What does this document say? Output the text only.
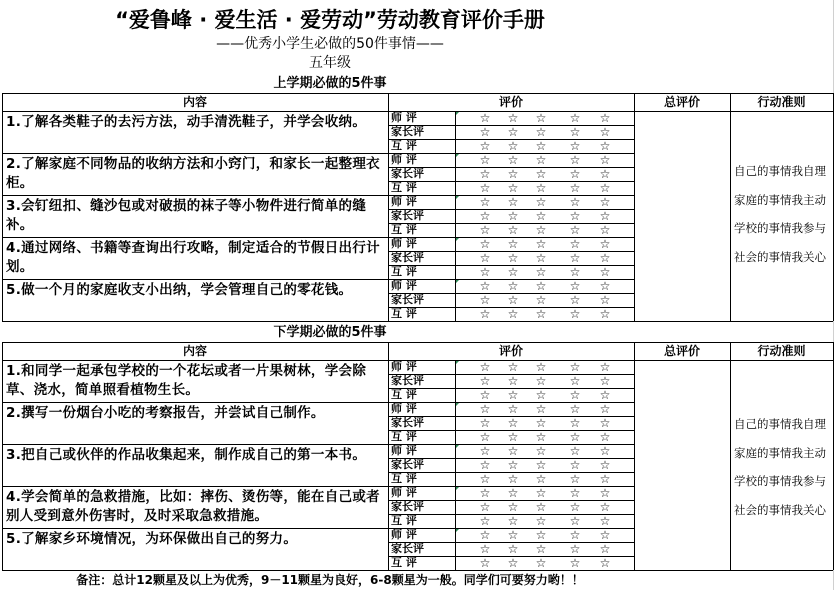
“爱鲁峰 · 爱生活 · 爱劳动”劳动教育评价手册
——优秀小学生必做的50件事情——
五年级
上学期必做的5件事
内容	评价	总评价	行动准则
1.了解各类鞋子的去污方法，动手清洗鞋子，并学会收纳。	师 评	☆ ☆ ☆ ☆ ☆
家长评	☆ ☆ ☆ ☆ ☆
互 评	☆ ☆ ☆ ☆ ☆
2.了解家庭不同物品的收纳方法和小窍门，和家长一起整理衣柜。
师 评	☆ ☆ ☆ ☆ ☆
家长评	☆ ☆ ☆ ☆ ☆
互 评	☆ ☆ ☆ ☆ ☆
3.会钉纽扣、缝沙包或对破损的袜子等小物件进行简单的缝补。
师 评	☆ ☆ ☆ ☆ ☆
家长评	☆ ☆ ☆ ☆ ☆
互 评	☆ ☆ ☆ ☆ ☆
4.通过网络、书籍等查询出行攻略，制定适合的节假日出行计划。
师 评	☆ ☆ ☆ ☆ ☆
家长评	☆ ☆ ☆ ☆ ☆
互 评	☆ ☆ ☆ ☆ ☆
5.做一个月的家庭收支小出纳，学会管理自己的零花钱。	师 评	☆ ☆ ☆ ☆ ☆
家长评	☆ ☆ ☆ ☆ ☆
互 评	☆ ☆ ☆ ☆ ☆
自己的事情我自理
家庭的事情我主动
学校的事情我参与
社会的事情我关心
下学期必做的5件事
内容	评价	总评价	行动准则
1.和同学一起承包学校的一个花坛或者一片果树林，学会除草、浇水，简单照看植物生长。
师 评	☆ ☆ ☆ ☆ ☆
家长评	☆ ☆ ☆ ☆ ☆
互 评	☆ ☆ ☆ ☆ ☆
2.撰写一份烟台小吃的考察报告，并尝试自己制作。	师 评	☆ ☆ ☆ ☆ ☆
家长评	☆ ☆ ☆ ☆ ☆
互 评	☆ ☆ ☆ ☆ ☆
3.把自己或伙伴的作品收集起来，制作成自己的第一本书。	师 评	☆ ☆ ☆ ☆ ☆
家长评	☆ ☆ ☆ ☆ ☆
互 评	☆ ☆ ☆ ☆ ☆
4.学会简单的急救措施，比如：摔伤、烫伤等，能在自己或者别人受到意外伤害时，及时采取急救措施。
师 评	☆ ☆ ☆ ☆ ☆
家长评	☆ ☆ ☆ ☆ ☆
互 评	☆ ☆ ☆ ☆ ☆
5.了解家乡环境情况，为环保做出自己的努力。	师 评	☆ ☆ ☆ ☆ ☆
家长评	☆ ☆ ☆ ☆ ☆
互 评	☆ ☆ ☆ ☆ ☆
自己的事情我自理
家庭的事情我主动
学校的事情我参与
社会的事情我关心
备注：总计12颗星及以上为优秀，9－11颗星为良好，6-8颗星为一般。同学们可要努力哟！！
